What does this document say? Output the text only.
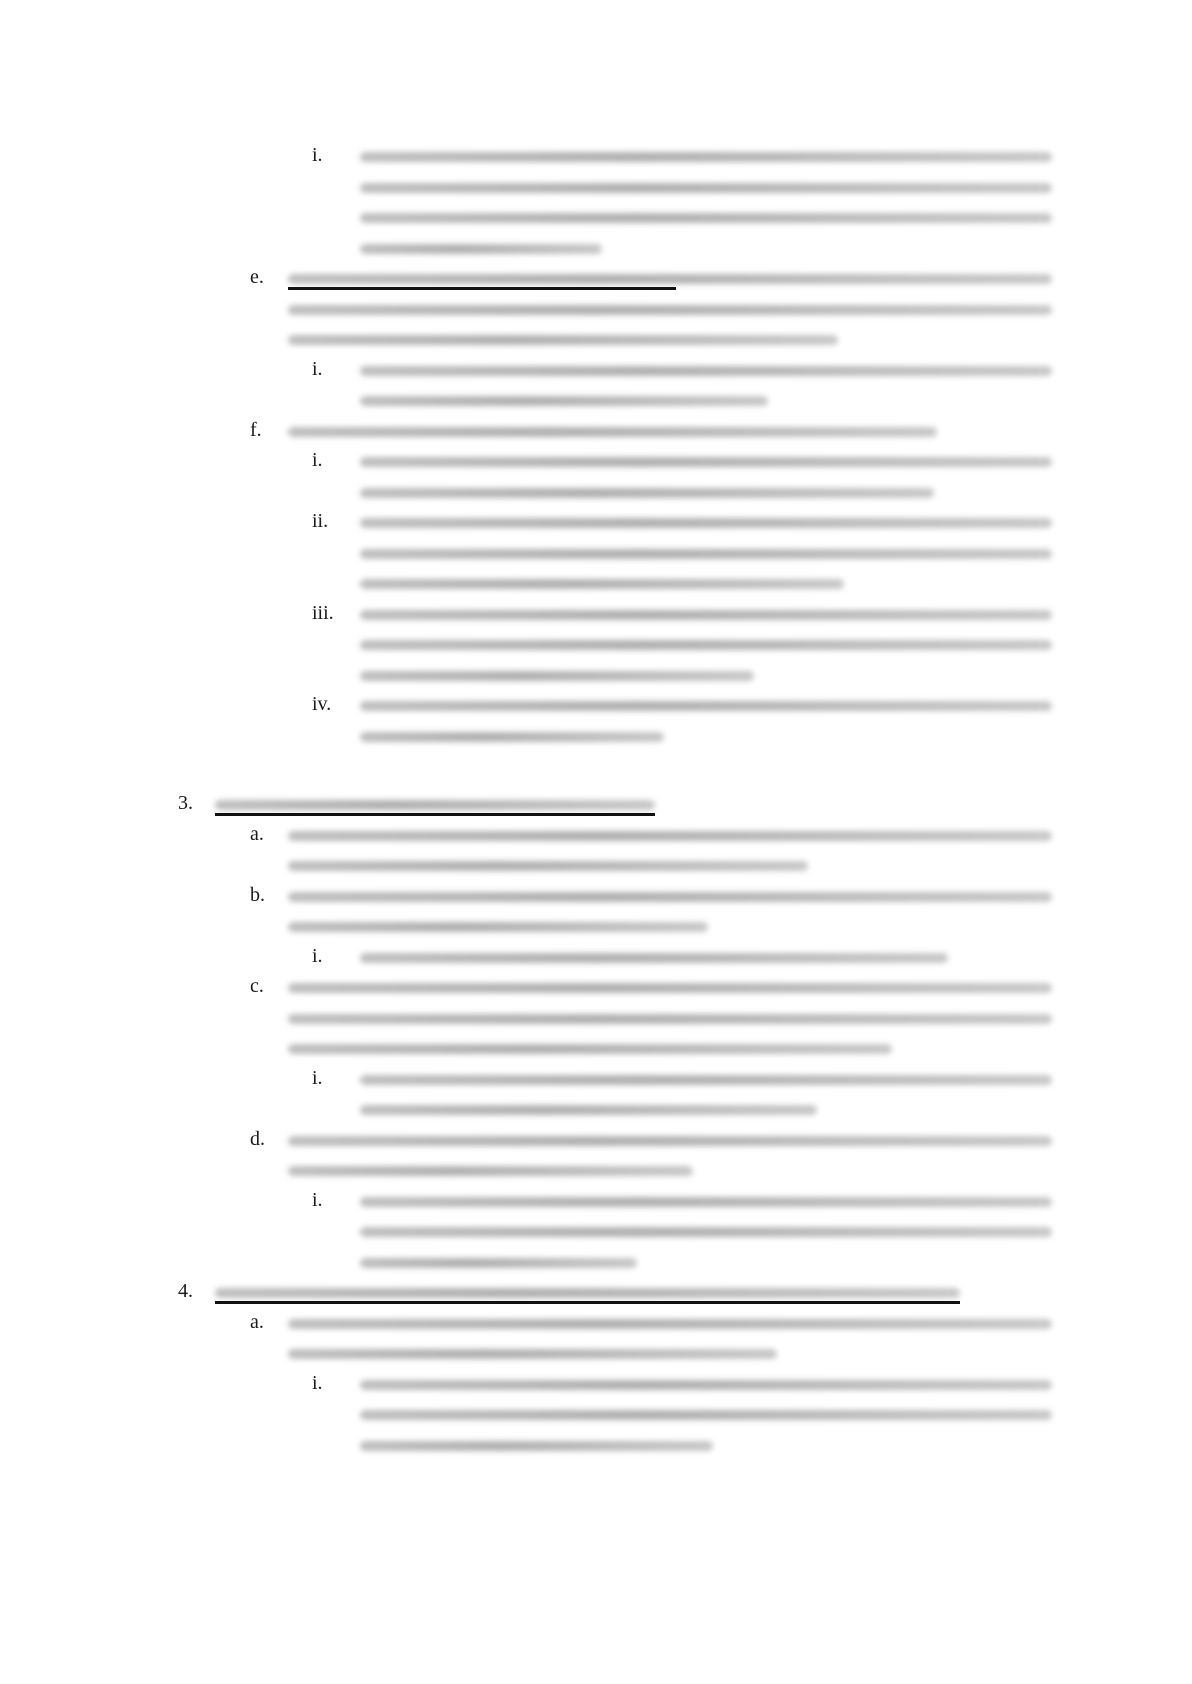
i.
e.
i.
f.
i.
ii.
iii.
iv.
3.
a.
b.
i.
c.
i.
d.
i.
4.
a.
i.
